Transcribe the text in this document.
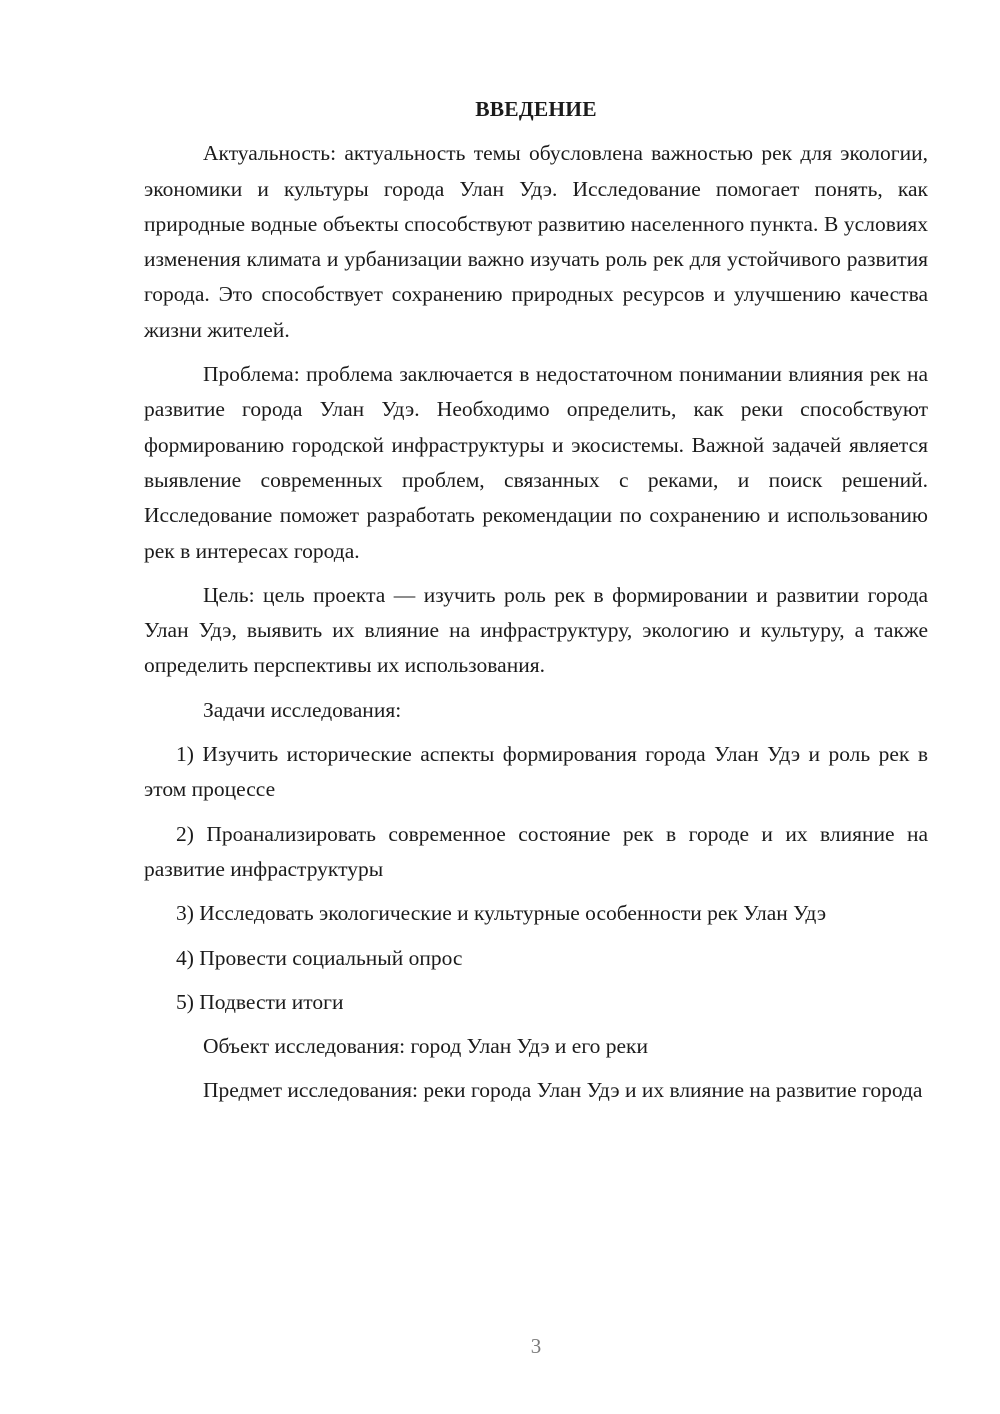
ВВЕДЕНИЕ

Актуальность: актуальность темы обусловлена важностью рек для экологии, экономики и культуры города Улан Удэ. Исследование помогает понять, как природные водные объекты способствуют развитию населенного пункта. В условиях изменения климата и урбанизации важно изучать роль рек для устойчивого развития города. Это способствует сохранению природных ресурсов и улучшению качества жизни жителей.

Проблема: проблема заключается в недостаточном понимании влияния рек на развитие города Улан Удэ. Необходимо определить, как реки способствуют формированию городской инфраструктуры и экосистемы. Важной задачей является выявление современных проблем, связанных с реками, и поиск решений. Исследование поможет разработать рекомендации по сохранению и использованию рек в интересах города.

Цель: цель проекта — изучить роль рек в формировании и развитии города Улан Удэ, выявить их влияние на инфраструктуру, экологию и культуру, а также определить перспективы их использования.

Задачи исследования:

1) Изучить исторические аспекты формирования города Улан Удэ и роль рек в этом процессе

2) Проанализировать современное состояние рек в городе и их влияние на развитие инфраструктуры

3) Исследовать экологические и культурные особенности рек Улан Удэ

4) Провести социальный опрос

5) Подвести итоги

Объект исследования: город Улан Удэ и его реки

Предмет исследования: реки города Улан Удэ и их влияние на развитие города

3
